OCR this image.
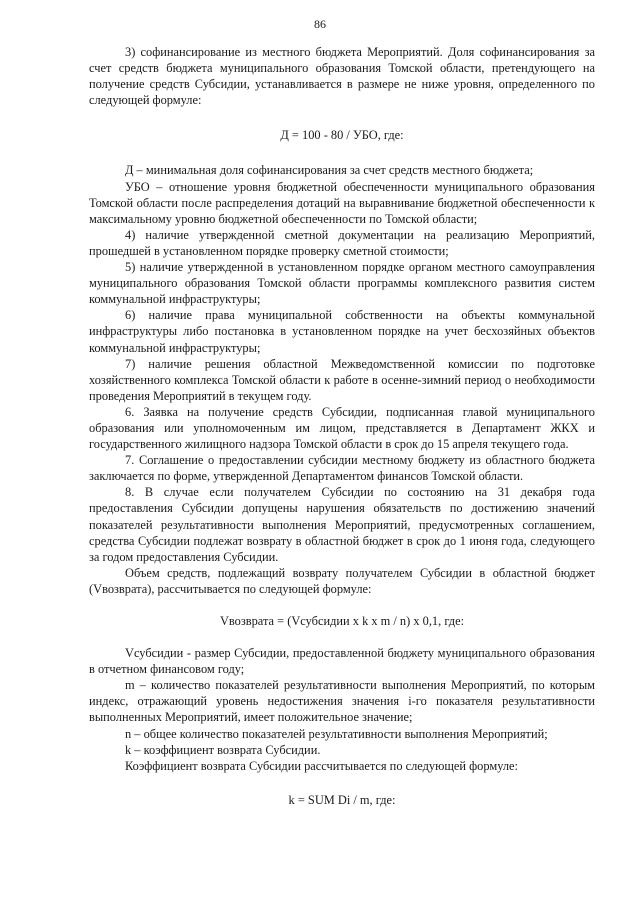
86

3) софинансирование из местного бюджета Мероприятий. Доля софинансирования за счет средств бюджета муниципального образования Томской области, претендующего на получение средств Субсидии, устанавливается в размере не ниже уровня, определенного по следующей формуле:

Д = 100 - 80 / УБО, где:

Д – минимальная доля софинансирования за счет средств местного бюджета;

УБО – отношение уровня бюджетной обеспеченности муниципального образования Томской области после распределения дотаций на выравнивание бюджетной обеспеченности к максимальному уровню бюджетной обеспеченности по Томской области;

4) наличие утвержденной сметной документации на реализацию Мероприятий, прошедшей в установленном порядке проверку сметной стоимости;

5) наличие утвержденной в установленном порядке органом местного самоуправления муниципального образования Томской области программы комплексного развития систем коммунальной инфраструктуры;

6) наличие права муниципальной собственности на объекты коммунальной инфраструктуры либо постановка в установленном порядке на учет бесхозяйных объектов коммунальной инфраструктуры;

7) наличие решения областной Межведомственной комиссии по подготовке хозяйственного комплекса Томской области к работе в осенне-зимний период о необходимости проведения Мероприятий в текущем году.

6. Заявка на получение средств Субсидии, подписанная главой муниципального образования или уполномоченным им лицом, представляется в Департамент ЖКХ и государственного жилищного надзора Томской области в срок до 15 апреля текущего года.

7. Соглашение о предоставлении субсидии местному бюджету из областного бюджета заключается по форме, утвержденной Департаментом финансов Томской области.

8. В случае если получателем Субсидии по состоянию на 31 декабря года предоставления Субсидии допущены нарушения обязательств по достижению значений показателей результативности выполнения Мероприятий, предусмотренных соглашением, средства Субсидии подлежат возврату в областной бюджет в срок до 1 июня года, следующего за годом предоставления Субсидии.

Объем средств, подлежащий возврату получателем Субсидии в областной бюджет (Vвозврата), рассчитывается по следующей формуле:

Vвозврата = (Vсубсидии x k x m / n) x 0,1, где:

Vсубсидии - размер Субсидии, предоставленной бюджету муниципального образования в отчетном финансовом году;

m – количество показателей результативности выполнения Мероприятий, по которым индекс, отражающий уровень недостижения значения i-го показателя результативности выполненных Мероприятий, имеет положительное значение;

n – общее количество показателей результативности выполнения Мероприятий;

k – коэффициент возврата Субсидии.

Коэффициент возврата Субсидии рассчитывается по следующей формуле:

k = SUM Di / m, где:
